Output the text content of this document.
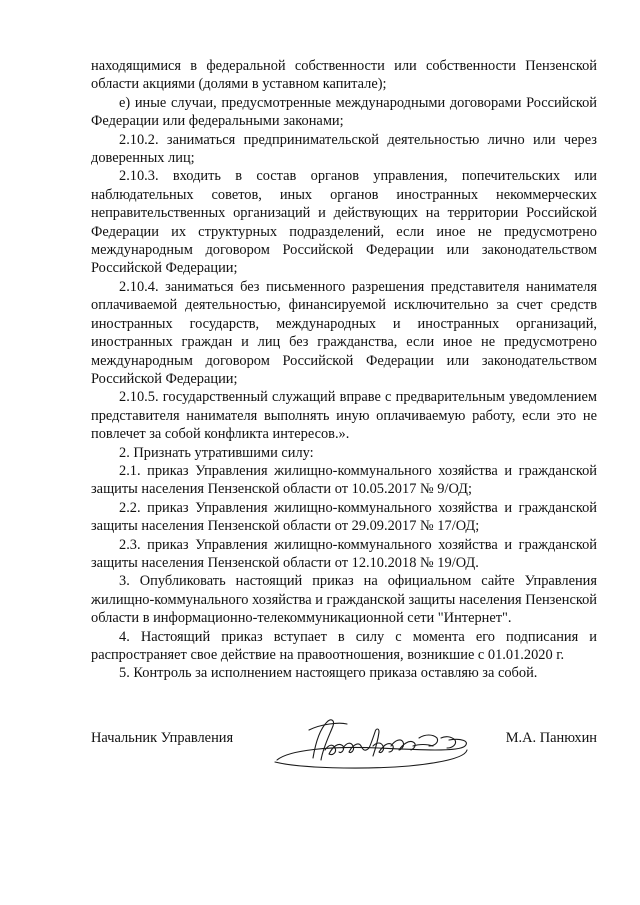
находящимися в федеральной собственности или собственности Пензенской области акциями (долями в уставном капитале);

е) иные случаи, предусмотренные международными договорами Российской Федерации или федеральными законами;

2.10.2. заниматься предпринимательской деятельностью лично или через доверенных лиц;

2.10.3. входить в состав органов управления, попечительских или наблюдательных советов, иных органов иностранных некоммерческих неправительственных организаций и действующих на территории Российской Федерации их структурных подразделений, если иное не предусмотрено международным договором Российской Федерации или законодательством Российской Федерации;

2.10.4. заниматься без письменного разрешения представителя нанимателя оплачиваемой деятельностью, финансируемой исключительно за счет средств иностранных государств, международных и иностранных организаций, иностранных граждан и лиц без гражданства, если иное не предусмотрено международным договором Российской Федерации или законодательством Российской Федерации;

2.10.5. государственный служащий вправе с предварительным уведомлением представителя нанимателя выполнять иную оплачиваемую работу, если это не повлечет за собой конфликта интересов.».

2. Признать утратившими силу:

2.1. приказ Управления жилищно-коммунального хозяйства и гражданской защиты населения Пензенской области от 10.05.2017 № 9/ОД;

2.2. приказ Управления жилищно-коммунального хозяйства и гражданской защиты населения Пензенской области от 29.09.2017 № 17/ОД;

2.3. приказ Управления жилищно-коммунального хозяйства и гражданской защиты населения Пензенской области от 12.10.2018 № 19/ОД.

3. Опубликовать настоящий приказ на официальном сайте Управления жилищно-коммунального хозяйства и гражданской защиты населения Пензенской области в информационно-телекоммуникационной сети "Интернет".

4. Настоящий приказ вступает в силу с момента его подписания и распространяет свое действие на правоотношения, возникшие с 01.01.2020 г.

5. Контроль за исполнением настоящего приказа оставляю за собой.

Начальник Управления	М.А. Панюхин
